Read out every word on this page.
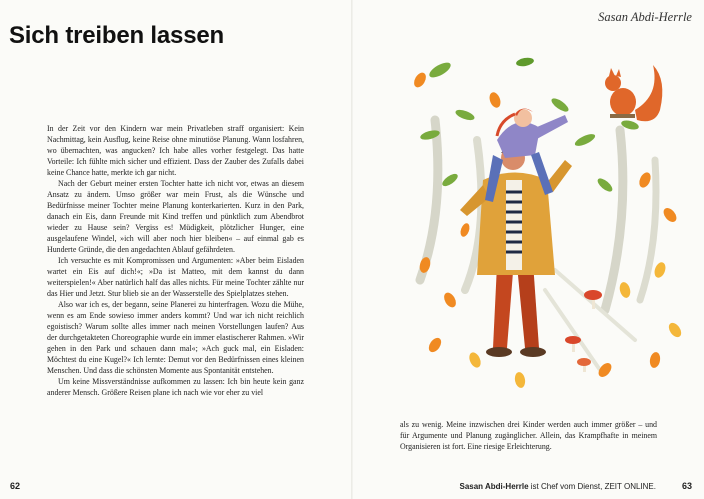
Sich treiben lassen
Sasan Abdi-Herrle

In der Zeit vor den Kindern war mein Privatleben straff organisiert: Kein Nachmittag, kein Ausflug, keine Reise ohne minutiöse Planung. Wann losfahren, wo übernachten, was angucken? Ich habe alles vorher festgelegt. Das hatte Vorteile: Ich fühlte mich sicher und effizient. Dass der Zauber des Zufalls dabei keine Chance hatte, merkte ich gar nicht.

Nach der Geburt meiner ersten Tochter hatte ich nicht vor, etwas an diesem Ansatz zu ändern. Umso größer war mein Frust, als die Wünsche und Bedürfnisse meiner Tochter meine Planung konterkarierten. Kurz in den Park, danach ein Eis, dann Freunde mit Kind treffen und pünktlich zum Abendbrot wieder zu Hause sein? Vergiss es! Müdigkeit, plötzlicher Hunger, eine ausgelaufene Windel, »ich will aber noch hier bleiben« – auf einmal gab es Hunderte Gründe, die den angedachten Ablauf gefährdeten.

Ich versuchte es mit Kompromissen und Argumenten: »Aber beim Eisladen wartet ein Eis auf dich!«; »Da ist Matteo, mit dem kannst du dann weiterspielen!« Aber natürlich half das alles nichts. Für meine Tochter zählte nur das Hier und Jetzt. Stur blieb sie an der Wasserstelle des Spielplatzes stehen.

Also war ich es, der begann, seine Planerei zu hinterfragen. Wozu die Mühe, wenn es am Ende sowieso immer anders kommt? Und war ich nicht reichlich egoistisch? Warum sollte alles immer nach meinen Vorstellungen laufen? Aus der durchgetakteten Choreographie wurde ein immer elastischerer Rahmen. »Wir gehen in den Park und schauen dann mal«; »Ach guck mal, ein Eisladen: Möchtest du eine Kugel?« Ich lernte: Demut vor den Bedürfnissen eines kleinen Menschen. Und dass die schönsten Momente aus Spontanität entstehen.

Um keine Missverständnisse aufkommen zu lassen: Ich bin heute kein ganz anderer Mensch. Größere Reisen plane ich nach wie vor eher zu viel

als zu wenig. Meine inzwischen drei Kinder werden auch immer größer – und für Argumente und Planung zugänglicher. Allein, das Krampfhafte in meinem Organisieren ist fort. Eine riesige Erleichterung.

62	Sasan Abdi-Herrle ist Chef vom Dienst, ZEIT ONLINE.	63
